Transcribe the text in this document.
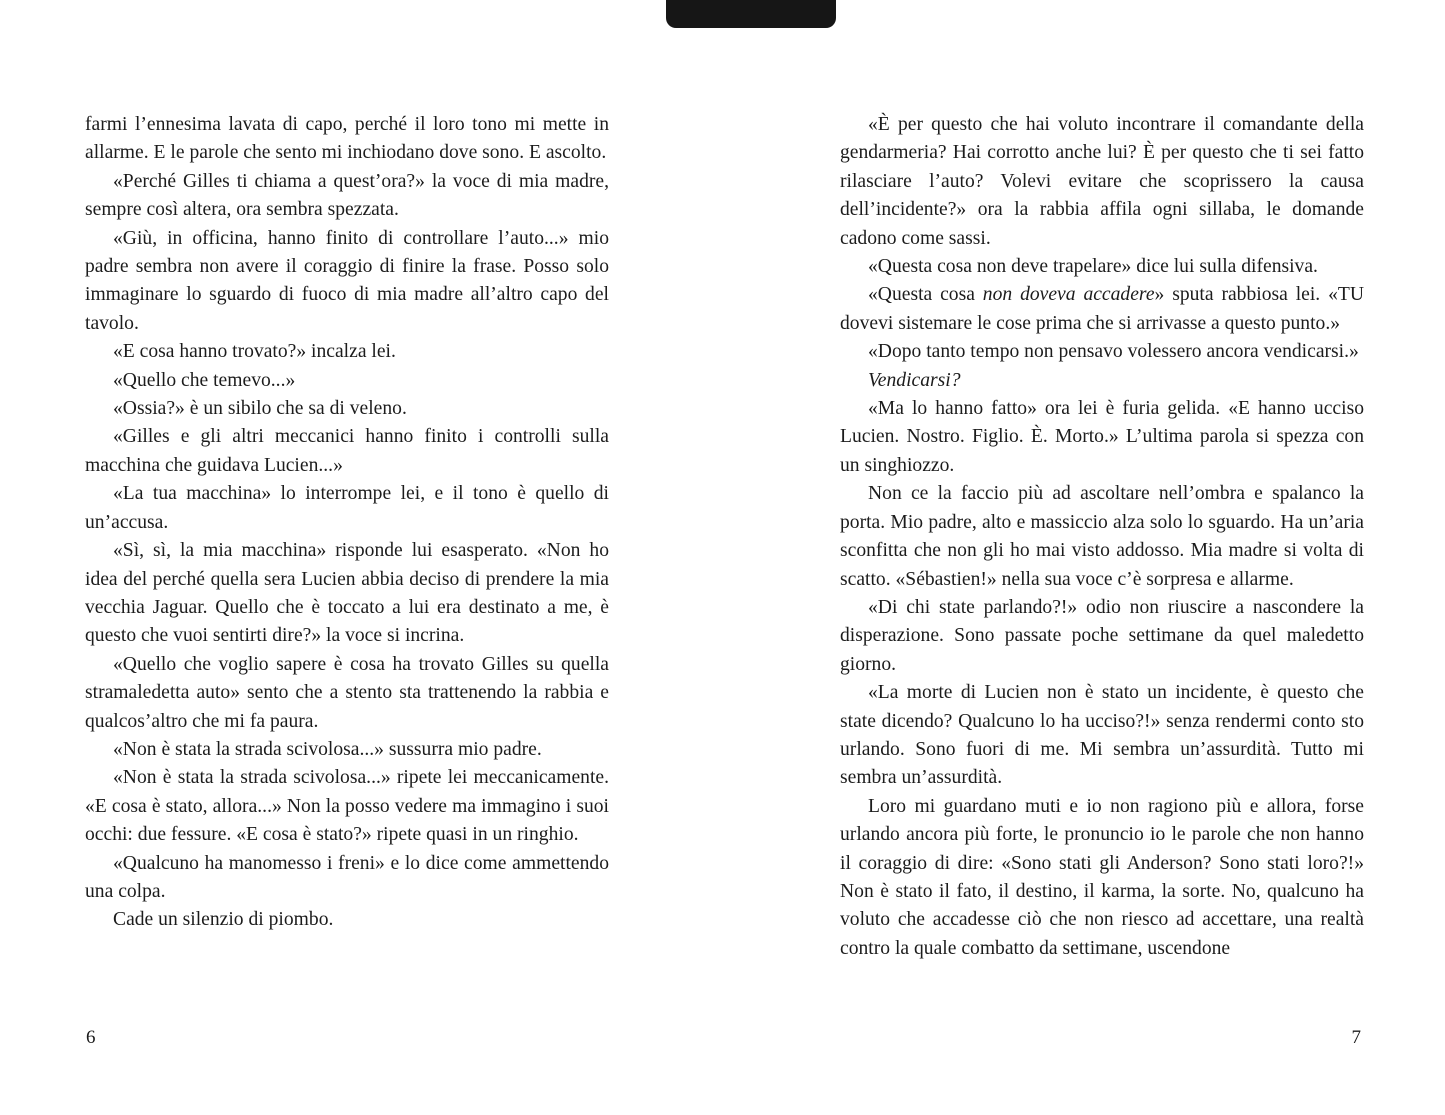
farmi l’ennesima lavata di capo, perché il loro tono mi mette in allarme. E le parole che sento mi inchiodano dove sono. E ascolto.

«Perché Gilles ti chiama a quest’ora?» la voce di mia madre, sempre così altera, ora sembra spezzata.

«Giù, in officina, hanno finito di controllare l’auto...» mio padre sembra non avere il coraggio di finire la frase. Posso solo immaginare lo sguardo di fuoco di mia madre all’altro capo del tavolo.

«E cosa hanno trovato?» incalza lei.

«Quello che temevo...»

«Ossia?» è un sibilo che sa di veleno.

«Gilles e gli altri meccanici hanno finito i controlli sulla macchina che guidava Lucien...»

«La tua macchina» lo interrompe lei, e il tono è quello di un’accusa.

«Sì, sì, la mia macchina» risponde lui esasperato. «Non ho idea del perché quella sera Lucien abbia deciso di prendere la mia vecchia Jaguar. Quello che è toccato a lui era destinato a me, è questo che vuoi sentirti dire?» la voce si incrina.

«Quello che voglio sapere è cosa ha trovato Gilles su quella stramaledetta auto» sento che a stento sta trattenendo la rabbia e qualcos’altro che mi fa paura.

«Non è stata la strada scivolosa...» sussurra mio padre.

«Non è stata la strada scivolosa...» ripete lei meccanicamente. «E cosa è stato, allora...» Non la posso vedere ma immagino i suoi occhi: due fessure. «E cosa è stato?» ripete quasi in un ringhio.

«Qualcuno ha manomesso i freni» e lo dice come ammettendo una colpa.

Cade un silenzio di piombo.

«È per questo che hai voluto incontrare il comandante della gendarmeria? Hai corrotto anche lui? È per questo che ti sei fatto rilasciare l’auto? Volevi evitare che scoprissero la causa dell’incidente?» ora la rabbia affila ogni sillaba, le domande cadono come sassi.

«Questa cosa non deve trapelare» dice lui sulla difensiva.

«Questa cosa non doveva accadere» sputa rabbiosa lei. «TU dovevi sistemare le cose prima che si arrivasse a questo punto.»

«Dopo tanto tempo non pensavo volessero ancora vendicarsi.»

Vendicarsi?

«Ma lo hanno fatto» ora lei è furia gelida. «E hanno ucciso Lucien. Nostro. Figlio. È. Morto.» L’ultima parola si spezza con un singhiozzo.

Non ce la faccio più ad ascoltare nell’ombra e spalanco la porta. Mio padre, alto e massiccio alza solo lo sguardo. Ha un’aria sconfitta che non gli ho mai visto addosso. Mia madre si volta di scatto. «Sébastien!» nella sua voce c’è sorpresa e allarme.

«Di chi state parlando?!» odio non riuscire a nascondere la disperazione. Sono passate poche settimane da quel maledetto giorno.

«La morte di Lucien non è stato un incidente, è questo che state dicendo? Qualcuno lo ha ucciso?!» senza rendermi conto sto urlando. Sono fuori di me. Mi sembra un’assurdità. Tutto mi sembra un’assurdità.

Loro mi guardano muti e io non ragiono più e allora, forse urlando ancora più forte, le pronuncio io le parole che non hanno il coraggio di dire: «Sono stati gli Anderson? Sono stati loro?!» Non è stato il fato, il destino, il karma, la sorte. No, qualcuno ha voluto che accadesse ciò che non riesco ad accettare, una realtà contro la quale combatto da settimane, uscendone

6	7
